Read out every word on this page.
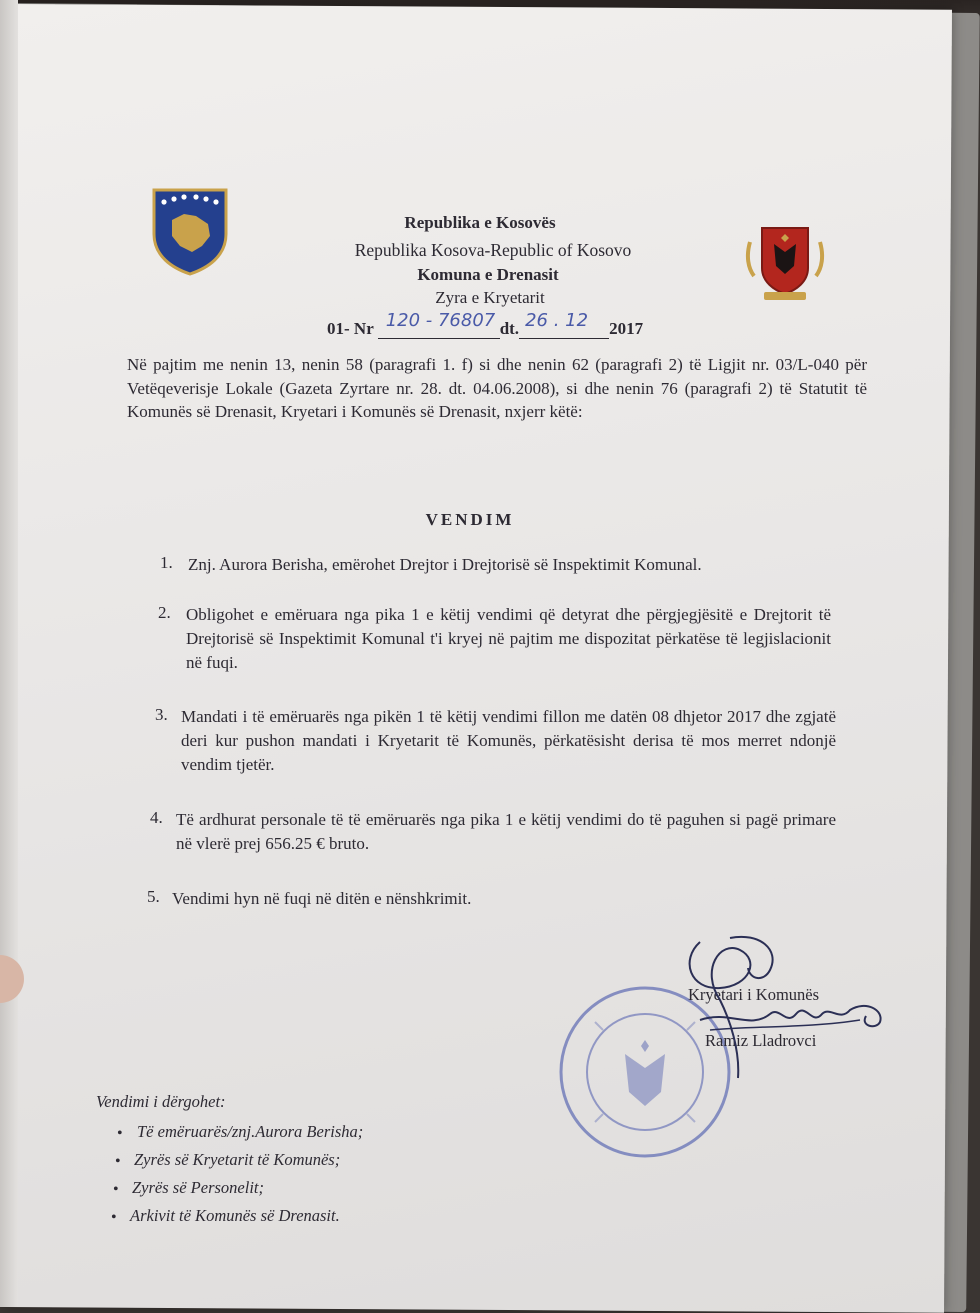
Republika e Kosovës

Republika Kosova-Republic of Kosovo

Komuna e Drenasit

Zyra e Kryetarit

01- Nr 120 - 76807 dt. 26 . 12 2017

Në pajtim me nenin 13, nenin 58 (paragrafi 1. f) si dhe nenin 62 (paragrafi 2) të Ligjit nr. 03/L-040 për Vetëqeverisje Lokale (Gazeta Zyrtare nr. 28. dt. 04.06.2008), si dhe nenin 76 (paragrafi 2) të Statutit të Komunës së Drenasit, Kryetari i Komunës së Drenasit, nxjerr këtë:

VENDIM

1. Znj. Aurora Berisha, emërohet Drejtor i Drejtorisë së Inspektimit Komunal.

2. Obligohet e emëruara nga pika 1 e këtij vendimi që detyrat dhe përgjegjësitë e Drejtorit të Drejtorisë së Inspektimit Komunal t'i kryej në pajtim me dispozitat përkatëse të legjislacionit në fuqi.

3. Mandati i të emëruarës nga pikën 1 të këtij vendimi fillon me datën 08 dhjetor 2017 dhe zgjatë deri kur pushon mandati i Kryetarit të Komunës, përkatësisht derisa të mos merret ndonjë vendim tjetër.

4. Të ardhurat personale të të emëruarës nga pika 1 e këtij vendimi do të paguhen si pagë primare në vlerë prej 656.25 € bruto.

5. Vendimi hyn në fuqi në ditën e nënshkrimit.

Kryetari i Komunës

Ramiz Lladrovci

Vendimi i dërgohet:

• Të emëruarës/znj.Aurora Berisha;

• Zyrës së Kryetarit të Komunës;

• Zyrës së Personelit;

• Arkivit të Komunës së Drenasit.
